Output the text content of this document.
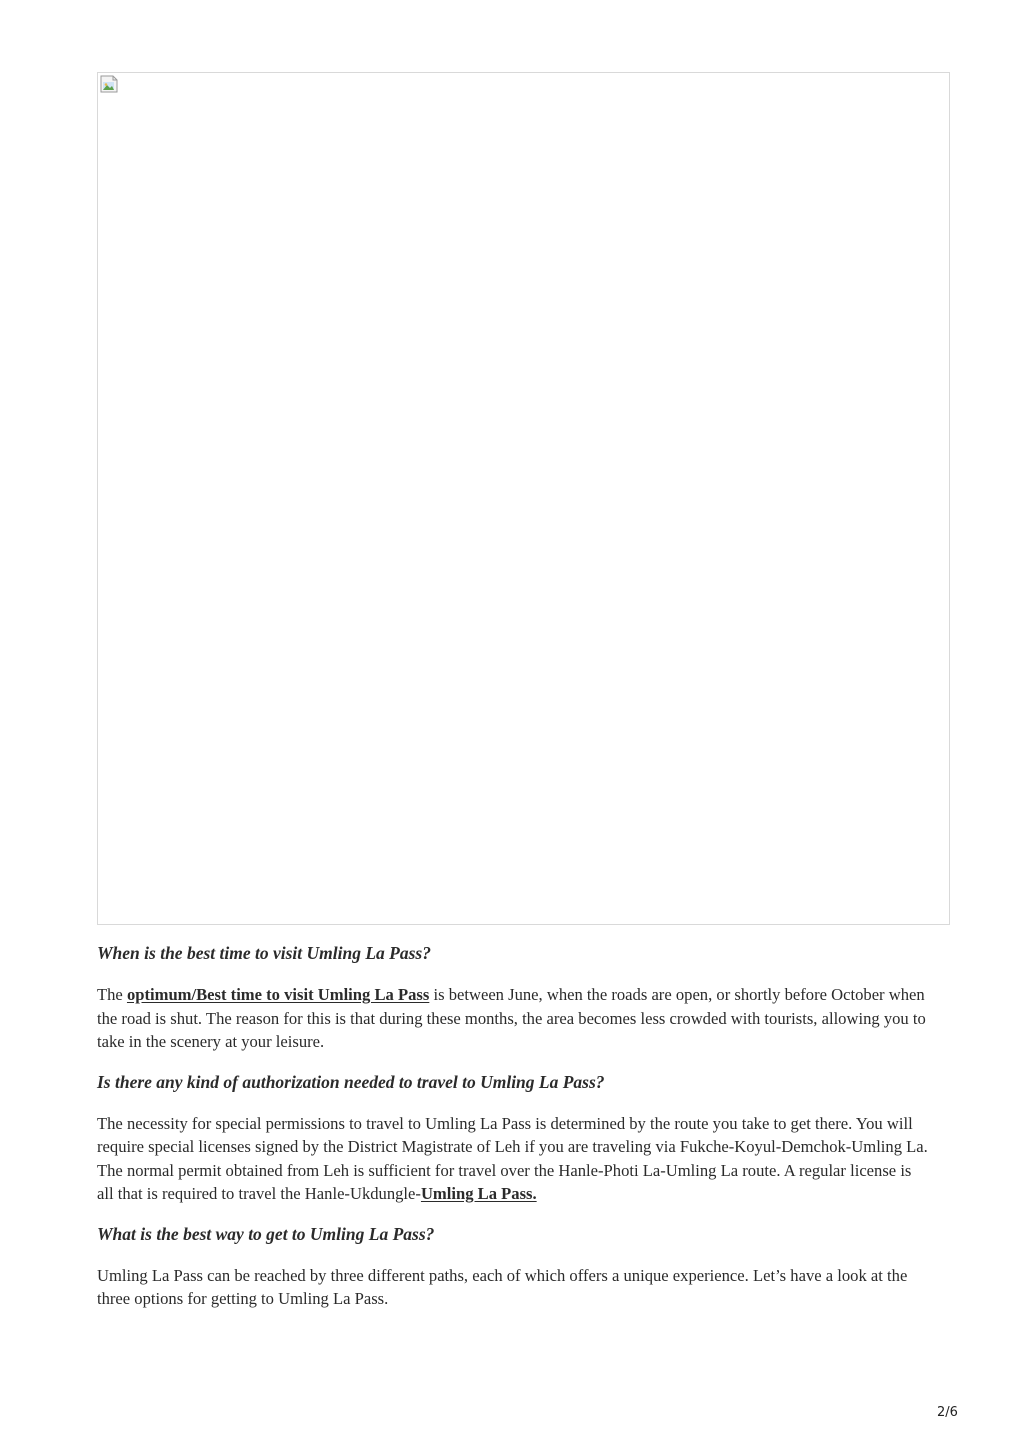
When is the best time to visit Umling La Pass?

The optimum/Best time to visit Umling La Pass is between June, when the roads are open, or shortly before October when the road is shut. The reason for this is that during these months, the area becomes less crowded with tourists, allowing you to take in the scenery at your leisure.

Is there any kind of authorization needed to travel to Umling La Pass?

The necessity for special permissions to travel to Umling La Pass is determined by the route you take to get there. You will require special licenses signed by the District Magistrate of Leh if you are traveling via Fukche-Koyul-Demchok-Umling La. The normal permit obtained from Leh is sufficient for travel over the Hanle-Photi La-Umling La route. A regular license is all that is required to travel the Hanle-Ukdungle-Umling La Pass.

What is the best way to get to Umling La Pass?

Umling La Pass can be reached by three different paths, each of which offers a unique experience. Let’s have a look at the three options for getting to Umling La Pass.

2/6
